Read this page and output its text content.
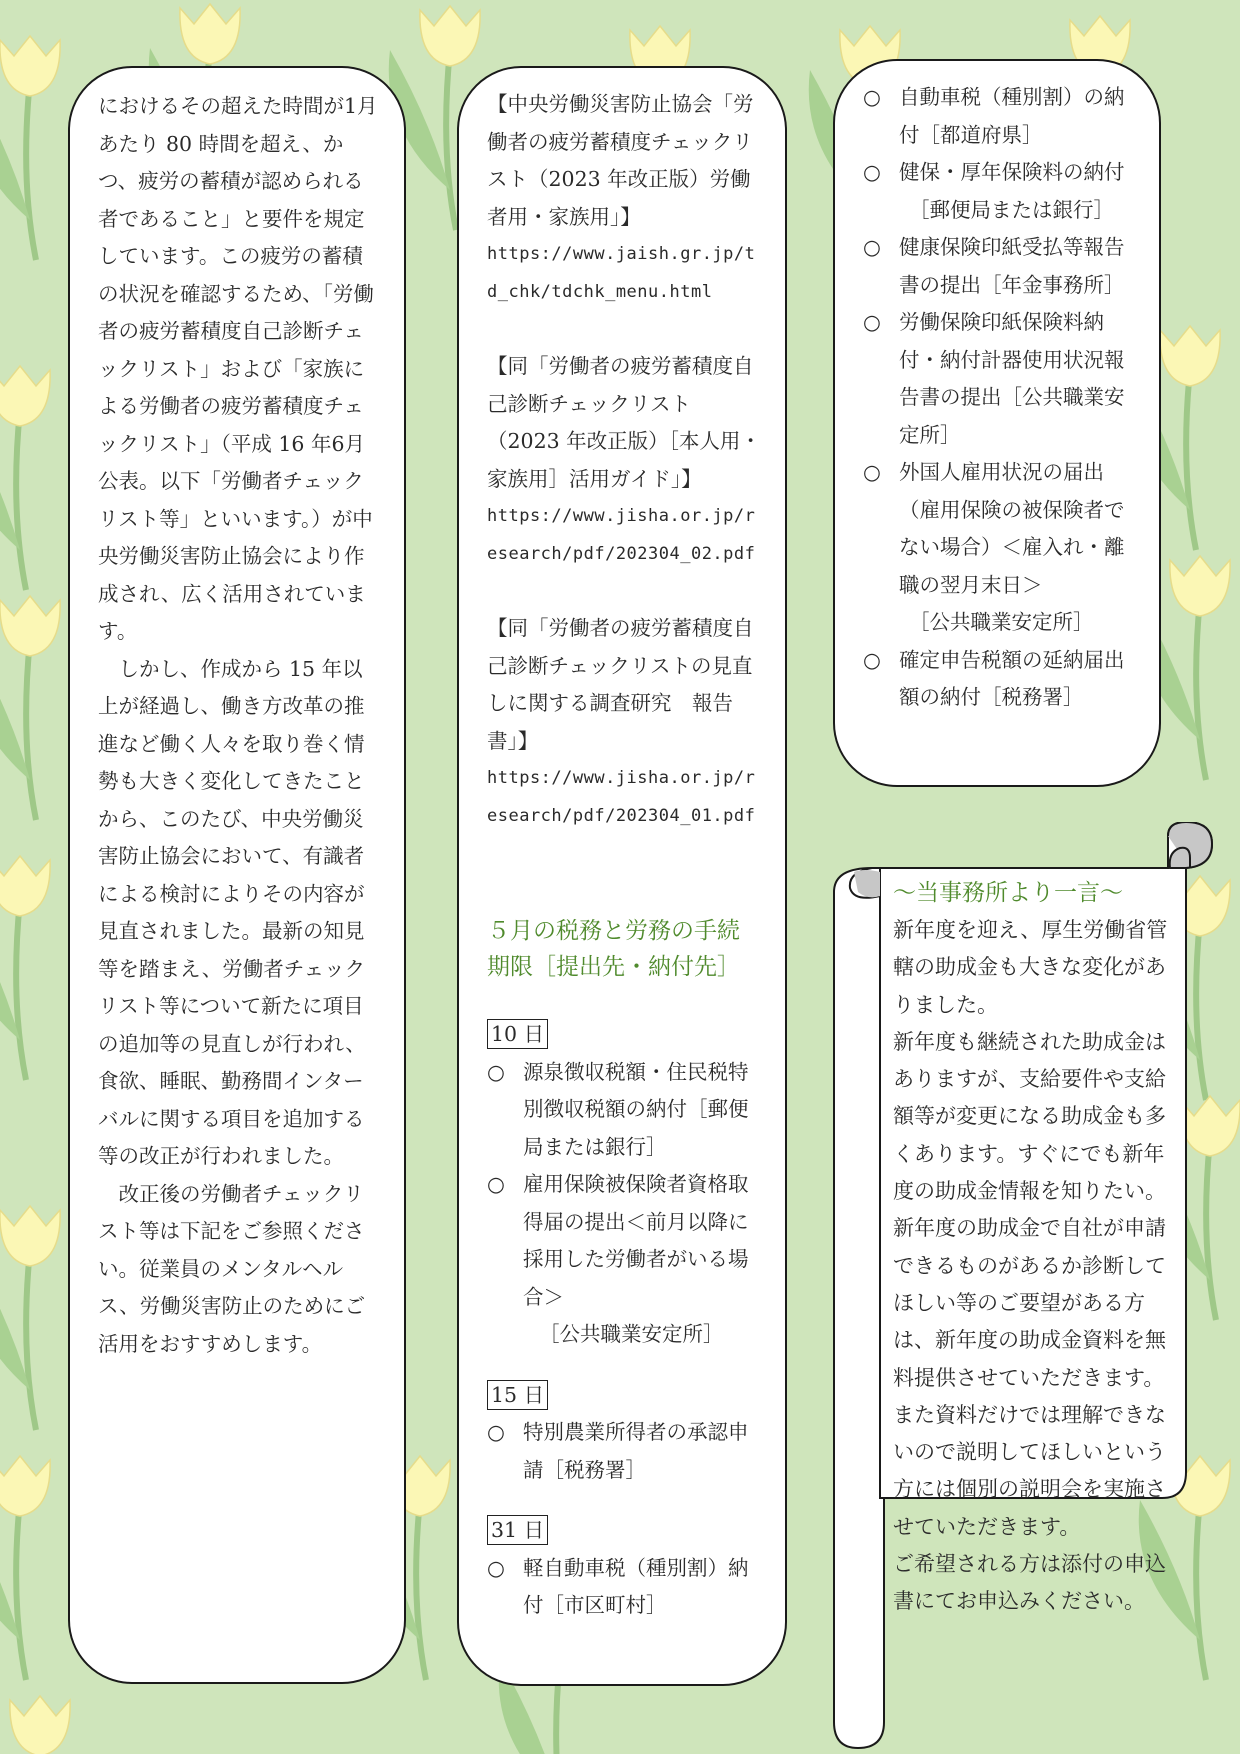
におけるその超えた時間が1月あたり 80 時間を超え、かつ、疲労の蓄積が認められる者であること」と要件を規定しています。この疲労の蓄積の状況を確認するため、「労働者の疲労蓄積度自己診断チェックリスト」および「家族による労働者の疲労蓄積度チェックリスト」（平成 16 年6月公表。以下「労働者チェックリスト等」といいます。）が中央労働災害防止協会により作成され、広く活用されています。

しかし、作成から 15 年以上が経過し、働き方改革の推進など働く人々を取り巻く情勢も大きく変化してきたことから、このたび、中央労働災害防止協会において、有識者による検討によりその内容が見直されました。最新の知見等を踏まえ、労働者チェックリスト等について新たに項目の追加等の見直しが行われ、食欲、睡眠、勤務間インターバルに関する項目を追加する等の改正が行われました。

改正後の労働者チェックリスト等は下記をご参照ください。従業員のメンタルヘルス、労働災害防止のためにご活用をおすすめします。

【中央労働災害防止協会「労働者の疲労蓄積度チェックリスト（2023 年改正版）労働者用・家族用」】

https://www.jaish.gr.jp/td_chk/tdchk_menu.html

【同「労働者の疲労蓄積度自己診断チェックリスト（2023 年改正版）［本人用・家族用］活用ガイド」】

https://www.jisha.or.jp/research/pdf/202304_02.pdf

【同「労働者の疲労蓄積度自己診断チェックリストの見直しに関する調査研究　報告書」】

https://www.jisha.or.jp/research/pdf/202304_01.pdf

５月の税務と労務の手続期限［提出先・納付先］

10 日
○ 源泉徴収税額・住民税特別徴収税額の納付［郵便局または銀行］
○ 雇用保険被保険者資格取得届の提出＜前月以降に採用した労働者がいる場合＞
［公共職業安定所］
15 日
○ 特別農業所得者の承認申請［税務署］
31 日
○ 軽自動車税（種別割）納付［市区町村］
○ 自動車税（種別割）の納付［都道府県］
○ 健保・厚年保険料の納付
［郵便局または銀行］
○ 健康保険印紙受払等報告書の提出［年金事務所］
○ 労働保険印紙保険料納付・納付計器使用状況報告書の提出［公共職業安定所］
○ 外国人雇用状況の届出
（雇用保険の被保険者でない場合）＜雇入れ・離職の翌月末日＞
［公共職業安定所］
○ 確定申告税額の延納届出額の納付［税務署］
～当事務所より一言～

新年度を迎え、厚生労働省管轄の助成金も大きな変化がありました。

新年度も継続された助成金はありますが、支給要件や支給額等が変更になる助成金も多くあります。すぐにでも新年度の助成金情報を知りたい。新年度の助成金で自社が申請できるものがあるか診断してほしい等のご要望がある方は、新年度の助成金資料を無料提供させていただきます。また資料だけでは理解できないので説明してほしいという方には個別の説明会を実施させていただきます。

ご希望される方は添付の申込書にてお申込みください。
